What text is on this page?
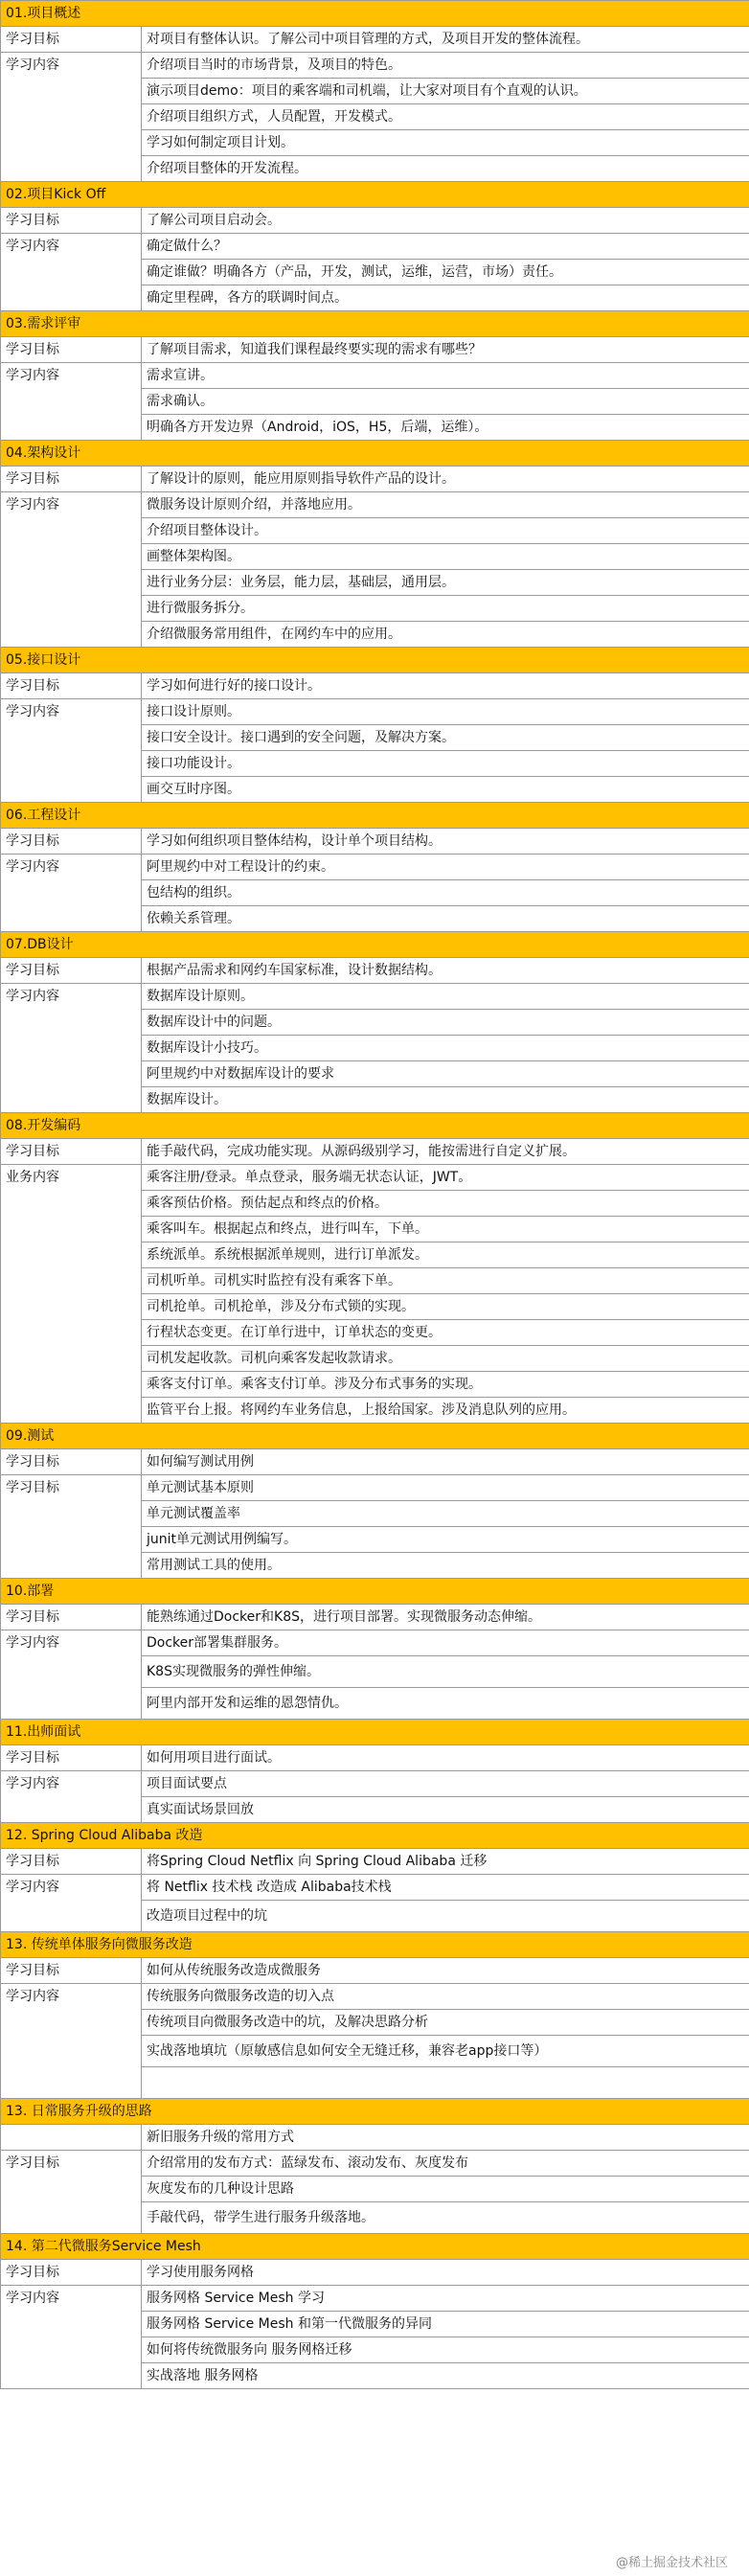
01.项目概述	
学习目标	对项目有整体认识。了解公司中项目管理的方式，及项目开发的整体流程。
学习内容	介绍项目当时的市场背景，及项目的特色。
	演示项目demo：项目的乘客端和司机端，让大家对项目有个直观的认识。
	介绍项目组织方式，人员配置，开发模式。
	学习如何制定项目计划。
	介绍项目整体的开发流程。
02.项目Kick Off	
学习目标	了解公司项目启动会。
学习内容	确定做什么？
	确定谁做？明确各方（产品，开发，测试，运维，运营，市场）责任。
	确定里程碑，各方的联调时间点。
03.需求评审	
学习目标	了解项目需求，知道我们课程最终要实现的需求有哪些？
学习内容	需求宣讲。
	需求确认。
	明确各方开发边界（Android，iOS，H5，后端，运维）。
04.架构设计	
学习目标	了解设计的原则，能应用原则指导软件产品的设计。
学习内容	微服务设计原则介绍，并落地应用。
	介绍项目整体设计。
	画整体架构图。
	进行业务分层：业务层，能力层，基础层，通用层。
	进行微服务拆分。
	介绍微服务常用组件，在网约车中的应用。
05.接口设计	
学习目标	学习如何进行好的接口设计。
学习内容	接口设计原则。
	接口安全设计。接口遇到的安全问题，及解决方案。
	接口功能设计。
	画交互时序图。
06.工程设计	
学习目标	学习如何组织项目整体结构，设计单个项目结构。
学习内容	阿里规约中对工程设计的约束。
	包结构的组织。
	依赖关系管理。
07.DB设计	
学习目标	根据产品需求和网约车国家标准，设计数据结构。
学习内容	数据库设计原则。
	数据库设计中的问题。
	数据库设计小技巧。
	阿里规约中对数据库设计的要求
	数据库设计。
08.开发编码	
学习目标	能手敲代码，完成功能实现。从源码级别学习，能按需进行自定义扩展。
业务内容	乘客注册/登录。单点登录，服务端无状态认证，JWT。
	乘客预估价格。预估起点和终点的价格。
	乘客叫车。根据起点和终点，进行叫车，下单。
	系统派单。系统根据派单规则，进行订单派发。
	司机听单。司机实时监控有没有乘客下单。
	司机抢单。司机抢单，涉及分布式锁的实现。
	行程状态变更。在订单行进中，订单状态的变更。
	司机发起收款。司机向乘客发起收款请求。
	乘客支付订单。乘客支付订单。涉及分布式事务的实现。
	监管平台上报。将网约车业务信息，上报给国家。涉及消息队列的应用。
09.测试	
学习目标	如何编写测试用例
学习目标	单元测试基本原则
	单元测试覆盖率
	junit单元测试用例编写。
	常用测试工具的使用。
10.部署	
学习目标	能熟练通过Docker和K8S，进行项目部署。实现微服务动态伸缩。
学习内容	Docker部署集群服务。
	K8S实现微服务的弹性伸缩。
	阿里内部开发和运维的恩怨情仇。
11.出师面试	
学习目标	如何用项目进行面试。
学习内容	项目面试要点
	真实面试场景回放
12. Spring Cloud Alibaba 改造	
学习目标	将Spring Cloud Netflix 向 Spring Cloud Alibaba 迁移
学习内容	将 Netflix 技术栈 改造成 Alibaba技术栈
	改造项目过程中的坑
13. 传统单体服务向微服务改造	
学习目标	如何从传统服务改造成微服务
学习内容	传统服务向微服务改造的切入点
	传统项目向微服务改造中的坑，及解决思路分析
	实战落地填坑（原敏感信息如何安全无缝迁移，兼容老app接口等）

13. 日常服务升级的思路	
	新旧服务升级的常用方式
学习目标	介绍常用的发布方式：蓝绿发布、滚动发布、灰度发布
	灰度发布的几种设计思路
	手敲代码，带学生进行服务升级落地。
14. 第二代微服务Service Mesh	
学习目标	学习使用服务网格
学习内容	服务网格 Service Mesh 学习
	服务网格 Service Mesh 和第一代微服务的异同
	如何将传统微服务向 服务网格迁移
	实战落地 服务网格
@稀土掘金技术社区
